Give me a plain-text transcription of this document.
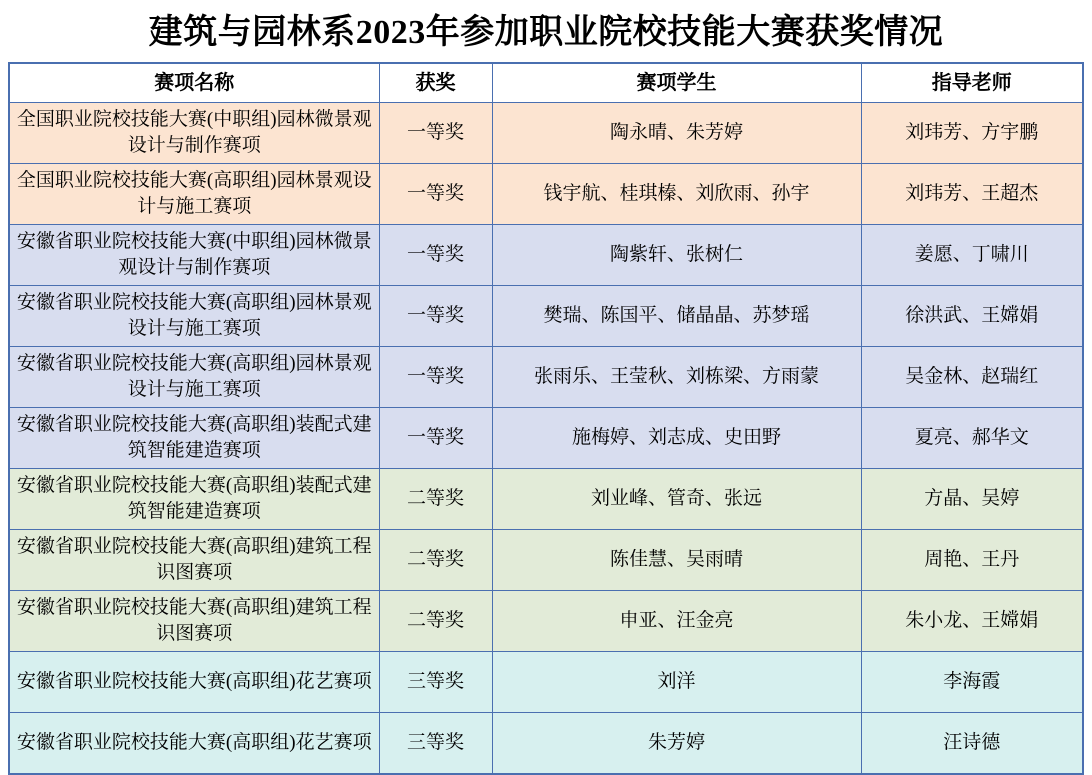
建筑与园林系2023年参加职业院校技能大赛获奖情况
赛项名称	获奖	赛项学生	指导老师
全国职业院校技能大赛(中职组)园林微景观设计与制作赛项	一等奖	陶永晴、朱芳婷	刘玮芳、方宇鹏
全国职业院校技能大赛(高职组)园林景观设计与施工赛项	一等奖	钱宇航、桂琪榛、刘欣雨、孙宇	刘玮芳、王超杰
安徽省职业院校技能大赛(中职组)园林微景观设计与制作赛项	一等奖	陶紫轩、张树仁	姜愿、丁啸川
安徽省职业院校技能大赛(高职组)园林景观设计与施工赛项	一等奖	樊瑞、陈国平、储晶晶、苏梦瑶	徐洪武、王嫦娟
安徽省职业院校技能大赛(高职组)园林景观设计与施工赛项	一等奖	张雨乐、王莹秋、刘栋梁、方雨蒙	吴金林、赵瑞红
安徽省职业院校技能大赛(高职组)装配式建筑智能建造赛项	一等奖	施梅婷、刘志成、史田野	夏亮、郝华文
安徽省职业院校技能大赛(高职组)装配式建筑智能建造赛项	二等奖	刘业峰、管奇、张远	方晶、吴婷
安徽省职业院校技能大赛(高职组)建筑工程识图赛项	二等奖	陈佳慧、吴雨晴	周艳、王丹
安徽省职业院校技能大赛(高职组)建筑工程识图赛项	二等奖	申亚、汪金亮	朱小龙、王嫦娟
安徽省职业院校技能大赛(高职组)花艺赛项	三等奖	刘洋	李海霞
安徽省职业院校技能大赛(高职组)花艺赛项	三等奖	朱芳婷	汪诗德
